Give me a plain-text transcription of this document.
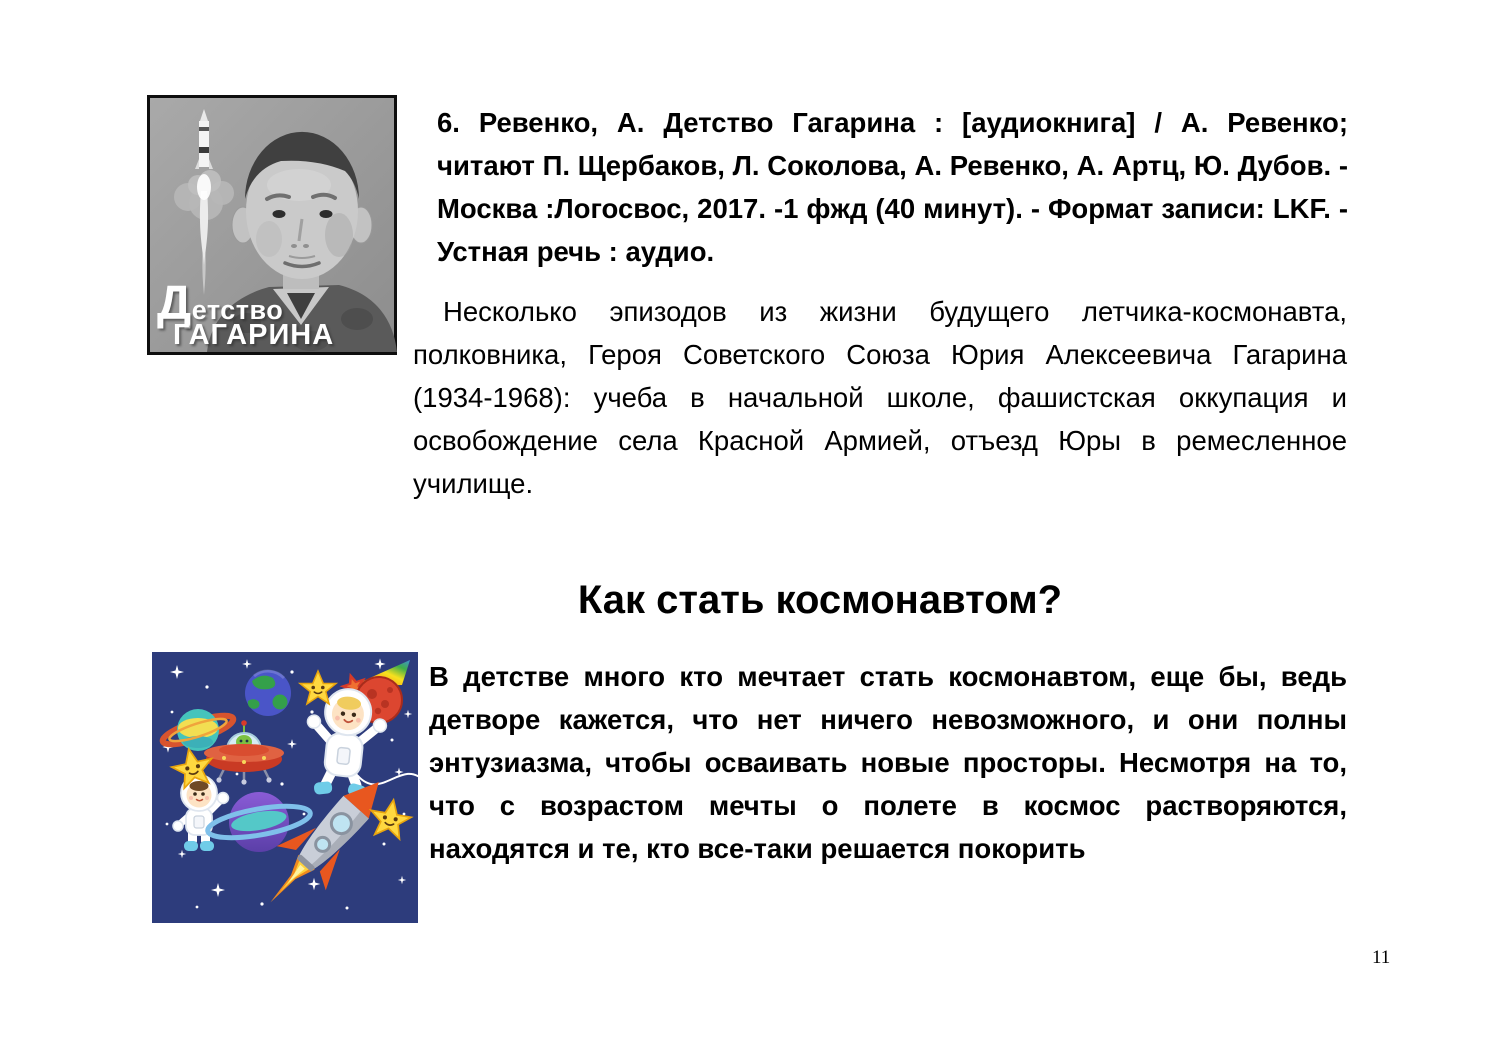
Детство
ГАГАРИНА

6. Ревенко, А. Детство Гагарина : [аудиокнига] / А. Ревенко; читают П. Щербаков, Л. Соколова, А. Ревенко, А. Артц, Ю. Дубов. - Москва :Логосвос, 2017. -1 фжд (40 минут). - Формат записи: LKF. - Устная речь : аудио.

Несколько эпизодов из жизни будущего летчика-космонавта, полковника, Героя Советского Союза Юрия Алексеевича Гагарина (1934-1968): учеба в начальной школе, фашистская оккупация и освобождение села Красной Армией, отъезд Юры в ремесленное училище.

Как стать космонавтом?

В детстве много кто мечтает стать космонавтом, еще бы, ведь детворе кажется, что нет ничего невозможного, и они полны энтузиазма, чтобы осваивать новые просторы. Несмотря на то, что с возрастом мечты о полете в космос растворяются, находятся и те, кто все-таки решается покорить

11
